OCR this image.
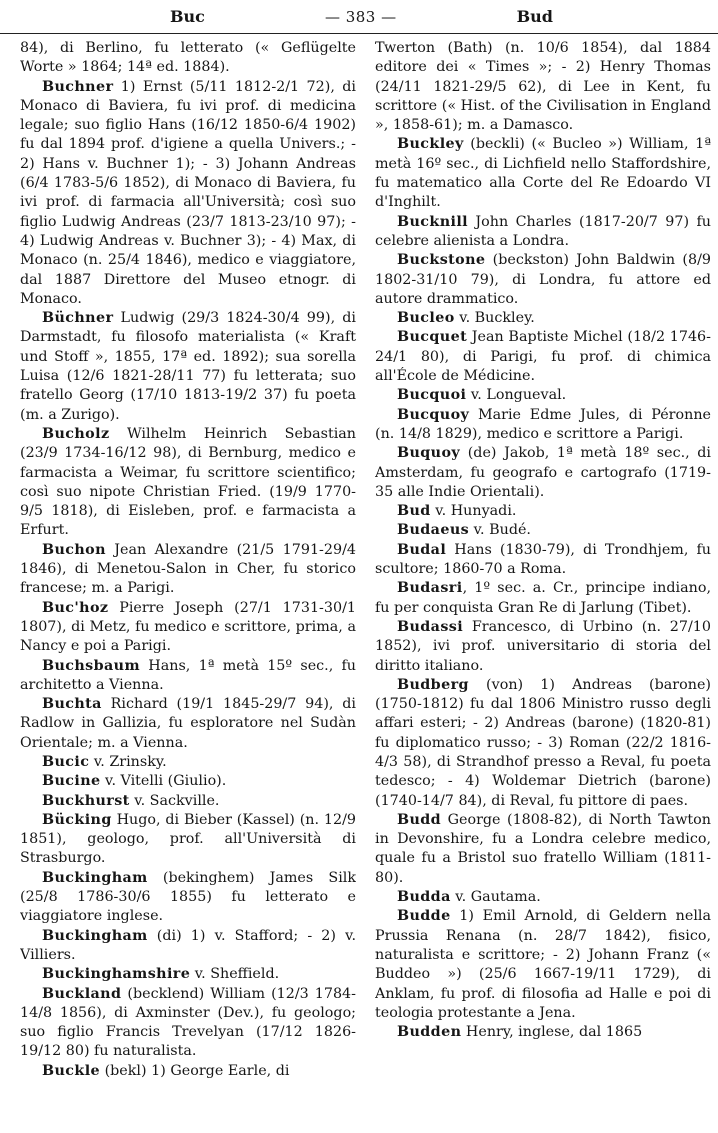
Buc	— 383 —	Bud

84), di Berlino, fu letterato (« Geflügelte Worte » 1864; 14ª ed. 1884).

Buchner 1) Ernst (5/11 1812-2/1 72), di Monaco di Baviera, fu ivi prof. di medicina legale; suo figlio Hans (16/12 1850-6/4 1902) fu dal 1894 prof. d'igiene a quella Univers.; - 2) Hans v. Buchner 1); - 3) Johann Andreas (6/4 1783-5/6 1852), di Monaco di Baviera, fu ivi prof. di farmacia all'Università; così suo figlio Ludwig Andreas (23/7 1813-23/10 97); - 4) Ludwig Andreas v. Buchner 3); - 4) Max, di Monaco (n. 25/4 1846), medico e viaggiatore, dal 1887 Direttore del Museo etnogr. di Monaco.

Büchner Ludwig (29/3 1824-30/4 99), di Darmstadt, fu filosofo materialista (« Kraft und Stoff », 1855, 17ª ed. 1892); sua sorella Luisa (12/6 1821-28/11 77) fu letterata; suo fratello Georg (17/10 1813-19/2 37) fu poeta (m. a Zurigo).

Bucholz Wilhelm Heinrich Sebastian (23/9 1734-16/12 98), di Bernburg, medico e farmacista a Weimar, fu scrittore scientifico; così suo nipote Christian Fried. (19/9 1770-9/5 1818), di Eisleben, prof. e farmacista a Erfurt.

Buchon Jean Alexandre (21/5 1791-29/4 1846), di Menetou-Salon in Cher, fu storico francese; m. a Parigi.

Buc'hoz Pierre Joseph (27/1 1731-30/1 1807), di Metz, fu medico e scrittore, prima, a Nancy e poi a Parigi.

Buchsbaum Hans, 1ª metà 15º sec., fu architetto a Vienna.

Buchta Richard (19/1 1845-29/7 94), di Radlow in Gallizia, fu esploratore nel Sudàn Orientale; m. a Vienna.

Bucic v. Zrinsky.

Bucine v. Vitelli (Giulio).

Buckhurst v. Sackville.

Bücking Hugo, di Bieber (Kassel) (n. 12/9 1851), geologo, prof. all'Università di Strasburgo.

Buckingham (bekinghem) James Silk (25/8 1786-30/6 1855) fu letterato e viaggiatore inglese.

Buckingham (di) 1) v. Stafford; - 2) v. Villiers.

Buckinghamshire v. Sheffield.

Buckland (becklend) William (12/3 1784-14/8 1856), di Axminster (Dev.), fu geologo; suo figlio Francis Trevelyan (17/12 1826-19/12 80) fu naturalista.

Buckle (bekl) 1) George Earle, di

Twerton (Bath) (n. 10/6 1854), dal 1884 editore dei « Times »; - 2) Henry Thomas (24/11 1821-29/5 62), di Lee in Kent, fu scrittore (« Hist. of the Civilisation in England », 1858-61); m. a Damasco.

Buckley (beckli) (« Bucleo ») William, 1ª metà 16º sec., di Lichfield nello Staffordshire, fu matematico alla Corte del Re Edoardo VI d'Inghilt.

Bucknill John Charles (1817-20/7 97) fu celebre alienista a Londra.

Buckstone (beckston) John Baldwin (8/9 1802-31/10 79), di Londra, fu attore ed autore drammatico.

Bucleo v. Buckley.

Bucquet Jean Baptiste Michel (18/2 1746-24/1 80), di Parigi, fu prof. di chimica all'École de Médicine.

Bucquoi v. Longueval.

Bucquoy Marie Edme Jules, di Péronne (n. 14/8 1829), medico e scrittore a Parigi.

Buquoy (de) Jakob, 1ª metà 18º sec., di Amsterdam, fu geografo e cartografo (1719-35 alle Indie Orientali).

Bud v. Hunyadi.

Budaeus v. Budé.

Budal Hans (1830-79), di Trondhjem, fu scultore; 1860-70 a Roma.

Budasri, 1º sec. a. Cr., principe indiano, fu per conquista Gran Re di Jarlung (Tibet).

Budassi Francesco, di Urbino (n. 27/10 1852), ivi prof. universitario di storia del diritto italiano.

Budberg (von) 1) Andreas (barone) (1750-1812) fu dal 1806 Ministro russo degli affari esteri; - 2) Andreas (barone) (1820-81) fu diplomatico russo; - 3) Roman (22/2 1816-4/3 58), di Strandhof presso a Reval, fu poeta tedesco; - 4) Woldemar Dietrich (barone) (1740-14/7 84), di Reval, fu pittore di paes.

Budd George (1808-82), di North Tawton in Devonshire, fu a Londra celebre medico, quale fu a Bristol suo fratello William (1811-80).

Budda v. Gautama.

Budde 1) Emil Arnold, di Geldern nella Prussia Renana (n. 28/7 1842), fisico, naturalista e scrittore; - 2) Johann Franz (« Buddeo ») (25/6 1667-19/11 1729), di Anklam, fu prof. di filosofia ad Halle e poi di teologia protestante a Jena.

Budden Henry, inglese, dal 1865
